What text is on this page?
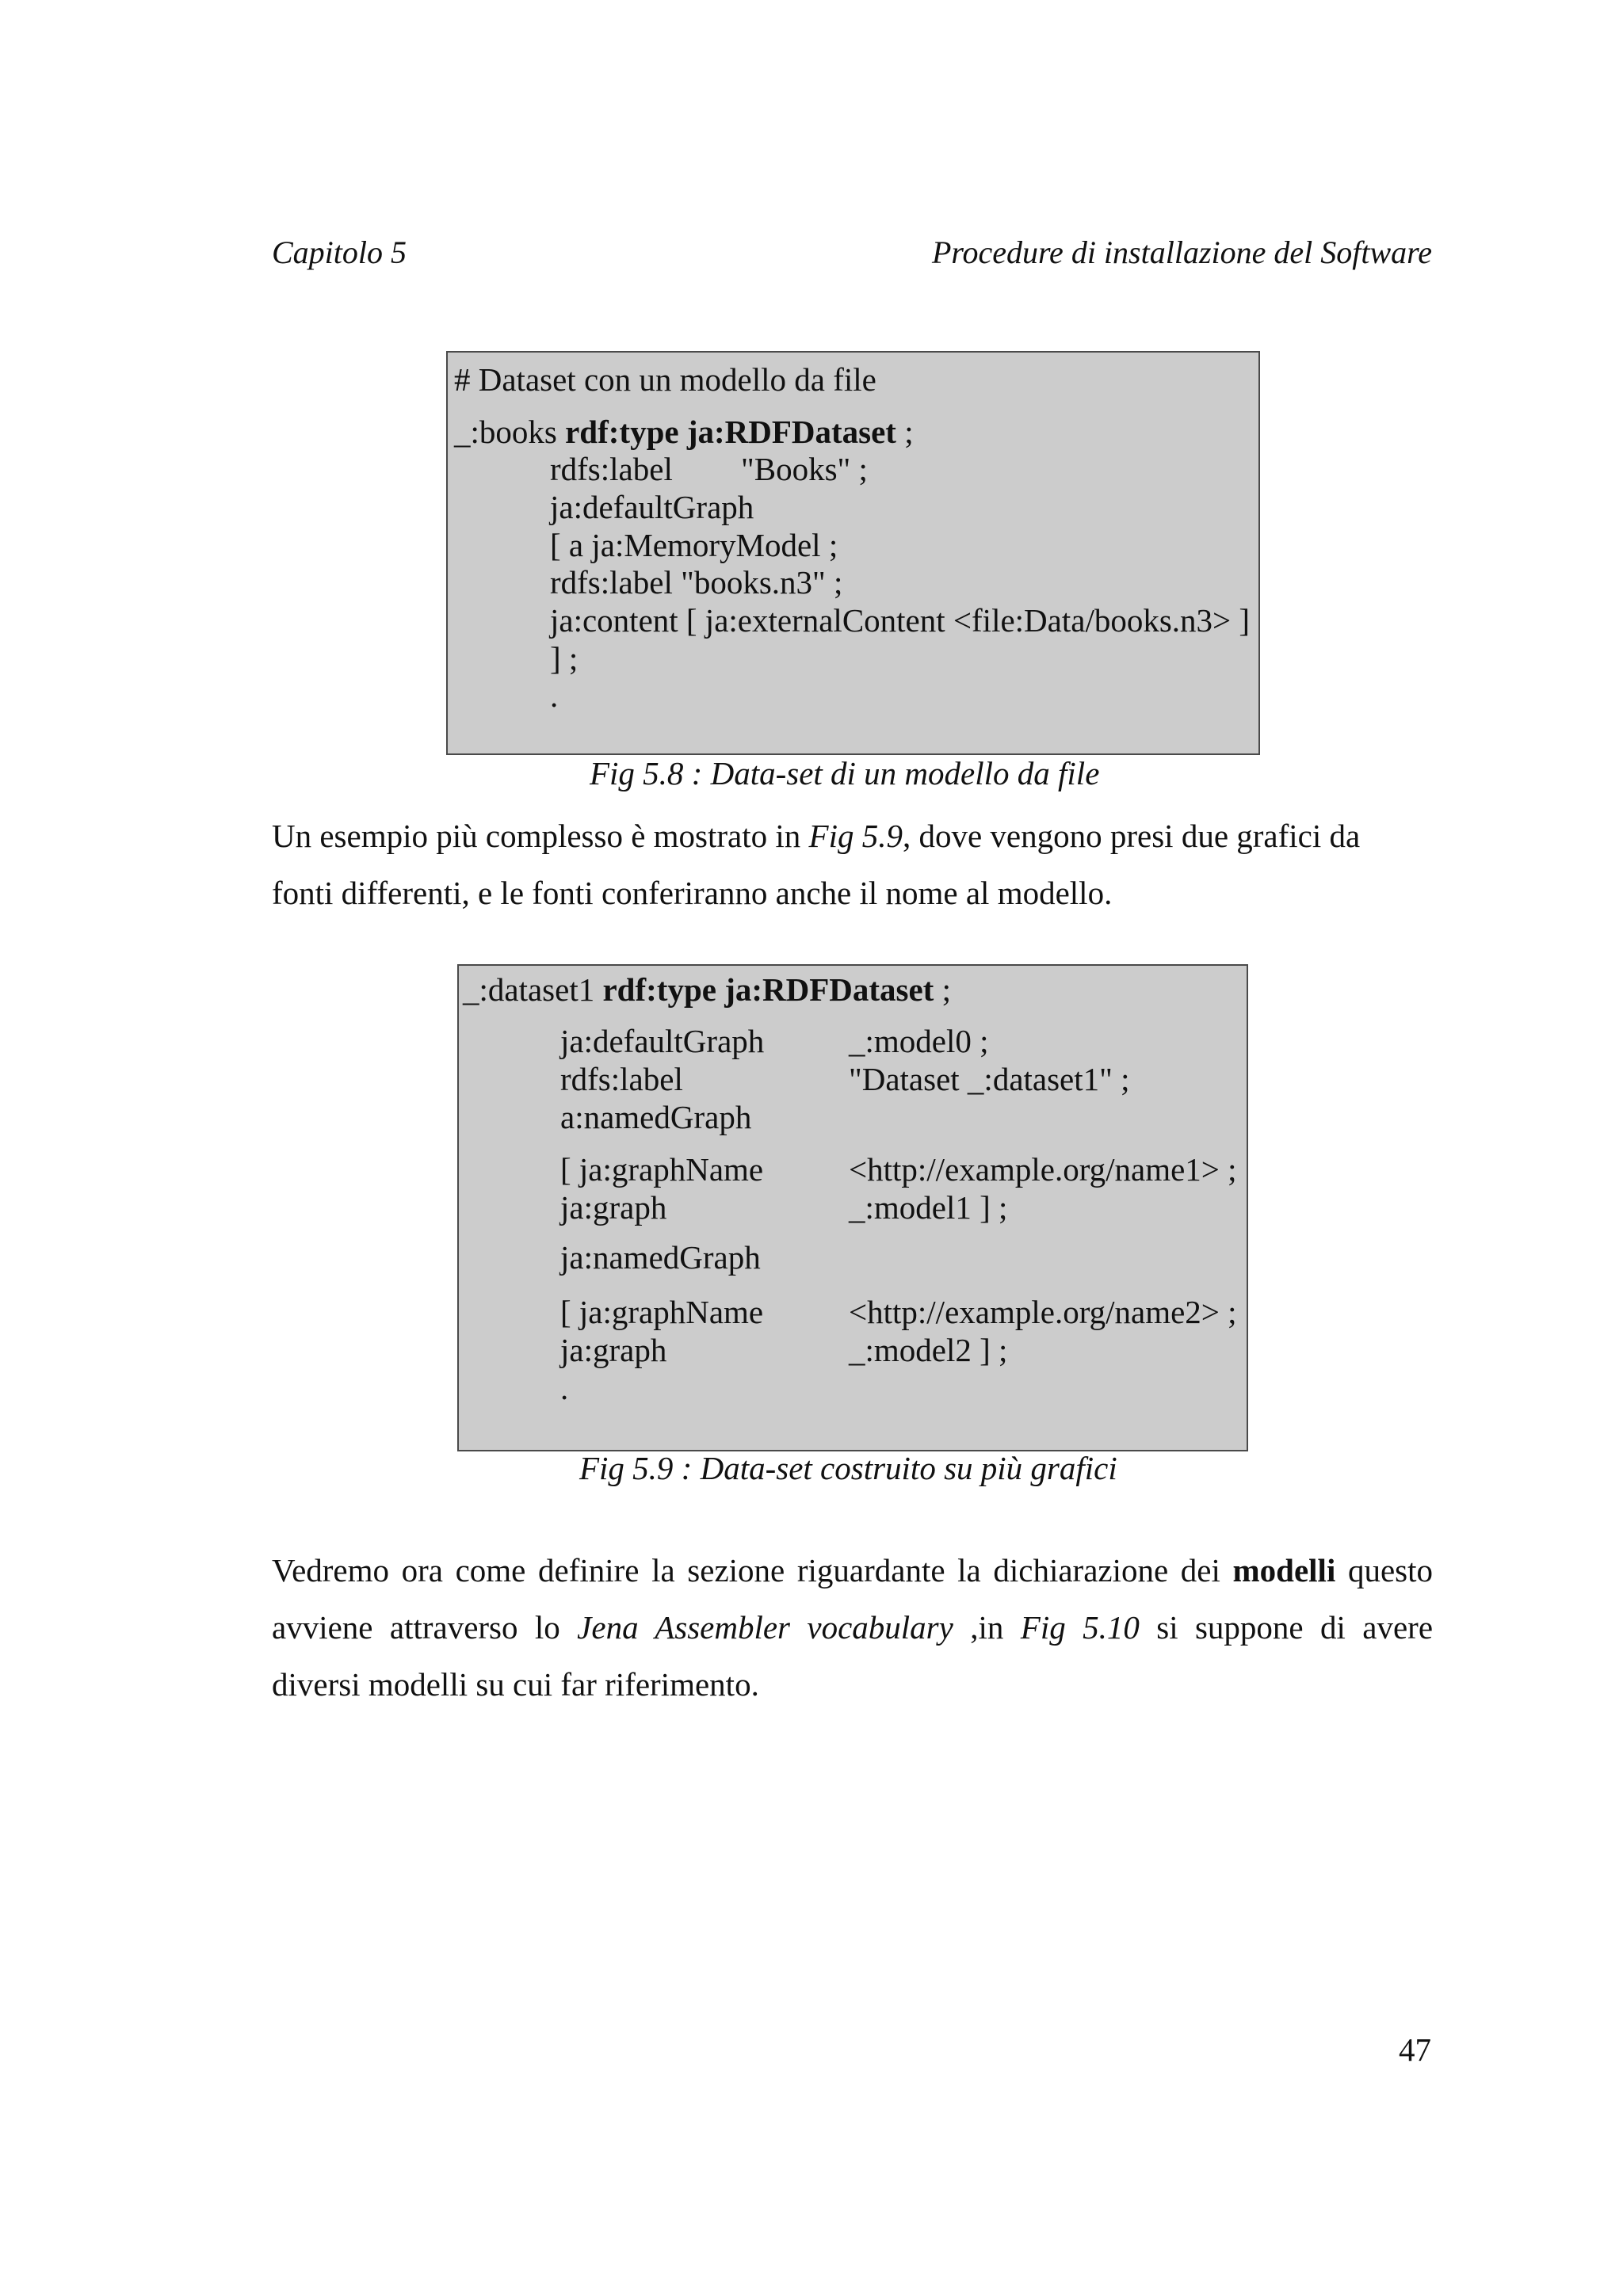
Capitolo 5	Procedure di installazione del Software
# Dataset con un modello da file
_:books rdf:type ja:RDFDataset ;
rdfs:label "Books" ;
ja:defaultGraph
[ a ja:MemoryModel ;
rdfs:label "books.n3" ;
ja:content [ ja:externalContent <file:Data/books.n3> ]
] ;
.
Fig 5.8 : Data-set di un modello da file
Un esempio più complesso è mostrato in Fig 5.9, dove vengono presi due grafici da
fonti differenti, e le fonti conferiranno anche il nome al modello.
_:dataset1 rdf:type ja:RDFDataset ;
ja:defaultGraph	_:model0 ;
rdfs:label	"Dataset _:dataset1" ;
a:namedGraph
[ ja:graphName	<http://example.org/name1> ;
ja:graph	_:model1 ] ;
ja:namedGraph
[ ja:graphName	<http://example.org/name2> ;
ja:graph	_:model2 ] ;
.
Fig 5.9 : Data-set costruito su più grafici
Vedremo ora come definire la sezione riguardante la dichiarazione dei modelli questo
avviene attraverso lo Jena Assembler vocabulary ,in Fig 5.10 si suppone di avere
diversi modelli su cui far riferimento.
47
